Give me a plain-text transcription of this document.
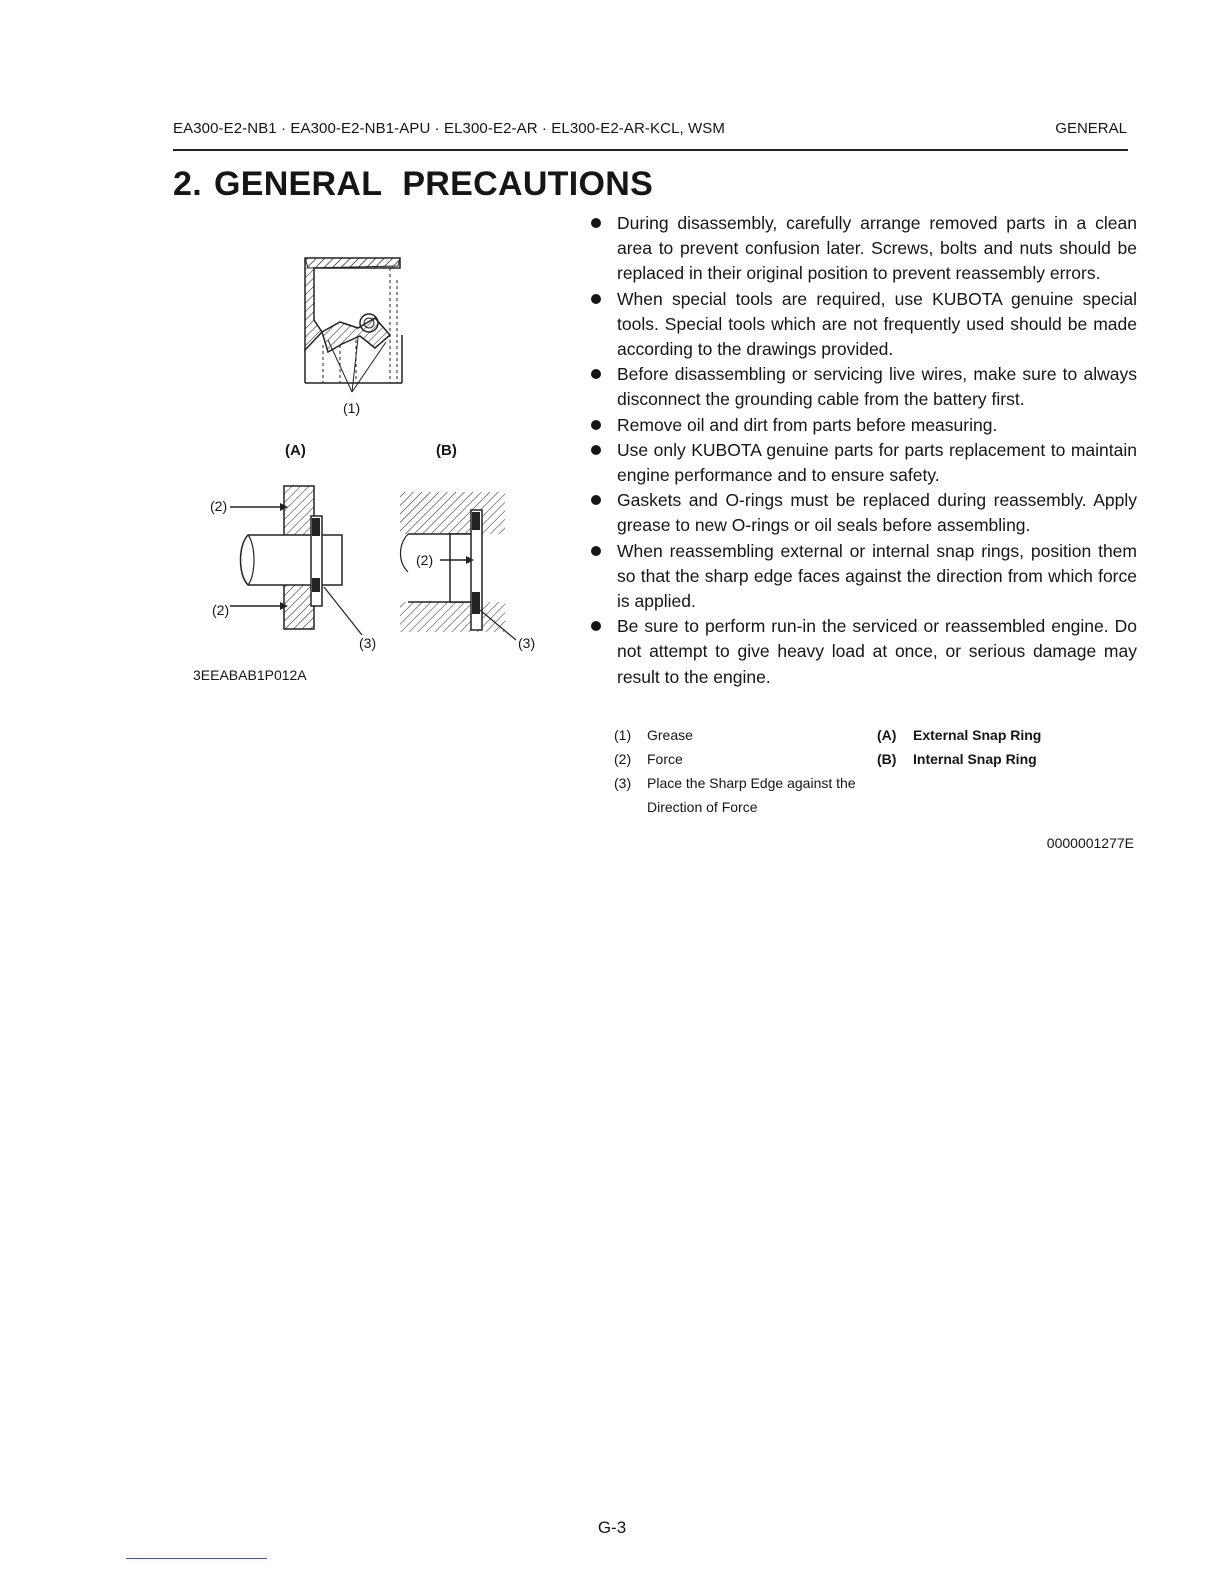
EA300-E2-NB1 · EA300-E2-NB1-APU · EL300-E2-AR · EL300-E2-AR-KCL, WSM	GENERAL
2. GENERAL PRECAUTIONS
(1)
(A)	(B)
(2)
(2)
(2)
(3)	(3)
3EEABAB1P012A
During disassembly, carefully arrange removed parts in a clean area to prevent confusion later. Screws, bolts and nuts should be replaced in their original position to prevent reassembly errors.
When special tools are required, use KUBOTA genuine special tools. Special tools which are not frequently used should be made according to the drawings provided.
Before disassembling or servicing live wires, make sure to always disconnect the grounding cable from the battery first.
Remove oil and dirt from parts before measuring.
Use only KUBOTA genuine parts for parts replacement to maintain engine performance and to ensure safety.
Gaskets and O-rings must be replaced during reassembly. Apply grease to new O-rings or oil seals before assembling.
When reassembling external or internal snap rings, position them so that the sharp edge faces against the direction from which force is applied.
Be sure to perform run-in the serviced or reassembled engine. Do not attempt to give heavy load at once, or serious damage may result to the engine.
(1) Grease	(A) External Snap Ring
(2) Force	(B) Internal Snap Ring
(3) Place the Sharp Edge against the Direction of Force
0000001277E
G-3
